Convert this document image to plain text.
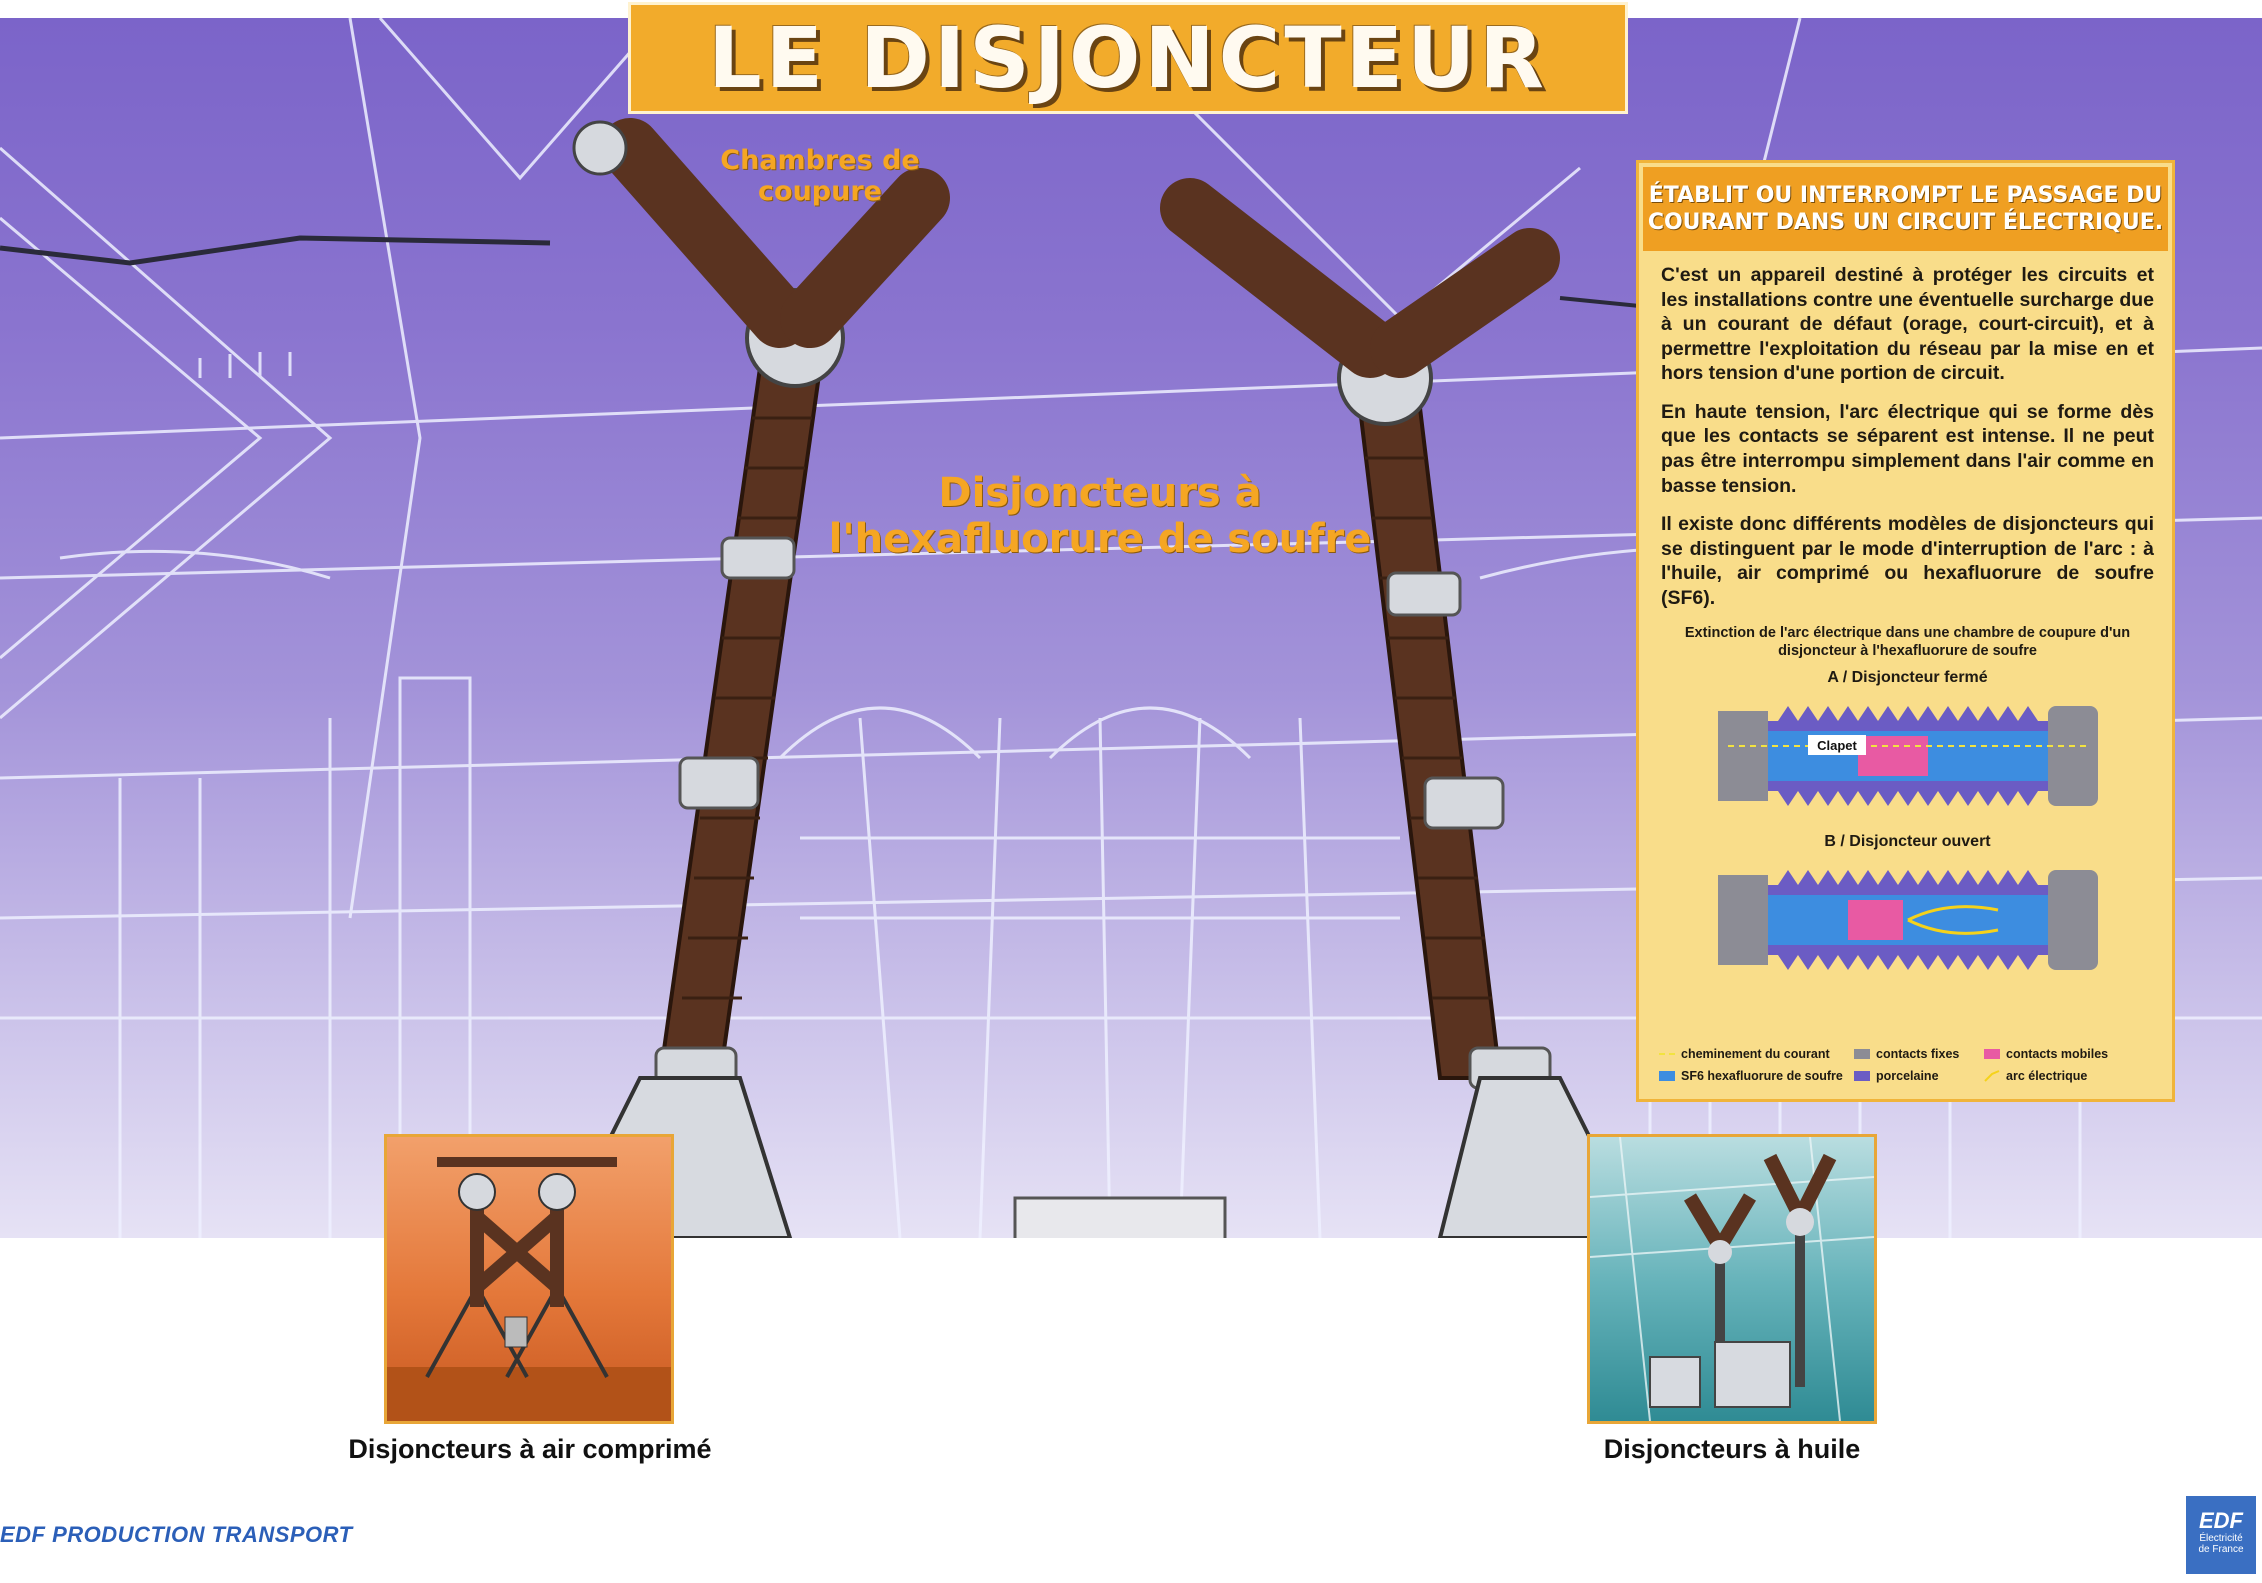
LE DISJONCTEUR
Chambres de coupure
Disjoncteurs à l'hexafluorure de soufre
ÉTABLIT OU INTERROMPT LE PASSAGE DU COURANT DANS UN CIRCUIT ÉLECTRIQUE.

C'est un appareil destiné à protéger les circuits et les installations contre une éventuelle surcharge due à un courant de défaut (orage, court-circuit), et à permettre l'exploitation du réseau par la mise en et hors tension d'une portion de circuit.

En haute tension, l'arc électrique qui se forme dès que les contacts se séparent est intense. Il ne peut pas être interrompu simplement dans l'air comme en basse tension.

Il existe donc différents modèles de disjoncteurs qui se distinguent par le mode d'interruption de l'arc : à l'huile, air comprimé ou hexafluorure de soufre (SF6).

Extinction de l'arc électrique dans une chambre de coupure d'un disjoncteur à l'hexafluorure de soufre
A / Disjoncteur fermé
Clapet
B / Disjoncteur ouvert
cheminement du courant	contacts fixes	contacts mobiles
SF6 hexafluorure de soufre	porcelaine	arc électrique
Disjoncteurs à air comprimé	Disjoncteurs à huile
EDF PRODUCTION TRANSPORT
EDF
Électricité
de France
